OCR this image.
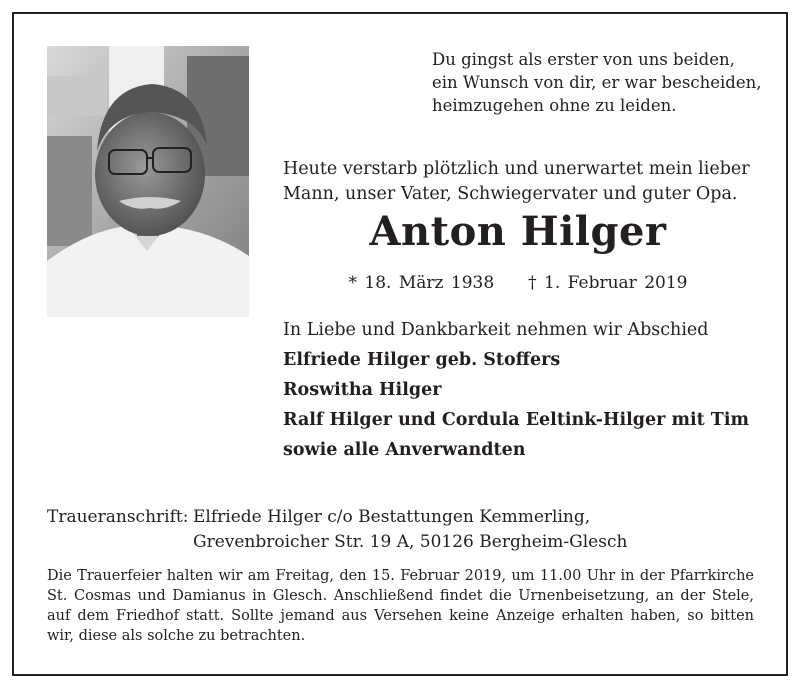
Du gingst als erster von uns beiden,
ein Wunsch von dir, er war bescheiden,
heimzugehen ohne zu leiden.
Heute verstarb plötzlich und unerwartet mein lieber
Mann, unser Vater, Schwiegervater und guter Opa.
Anton Hilger
* 18. März 1938 † 1. Februar 2019
In Liebe und Dankbarkeit nehmen wir Abschied
Elfriede Hilger geb. Stoffers
Roswitha Hilger
Ralf Hilger und Cordula Eeltink-Hilger mit Tim
sowie alle Anverwandten
Traueranschrift: Elfriede Hilger c/o Bestattungen Kemmerling,
Grevenbroicher Str. 19 A, 50126 Bergheim-Glesch
Die Trauerfeier halten wir am Freitag, den 15. Februar 2019, um 11.00 Uhr in der Pfarrkirche
St. Cosmas und Damianus in Glesch. Anschließend findet die Urnenbeisetzung, an der Stele,
auf dem Friedhof statt. Sollte jemand aus Versehen keine Anzeige erhalten haben, so bitten
wir, diese als solche zu betrachten.
